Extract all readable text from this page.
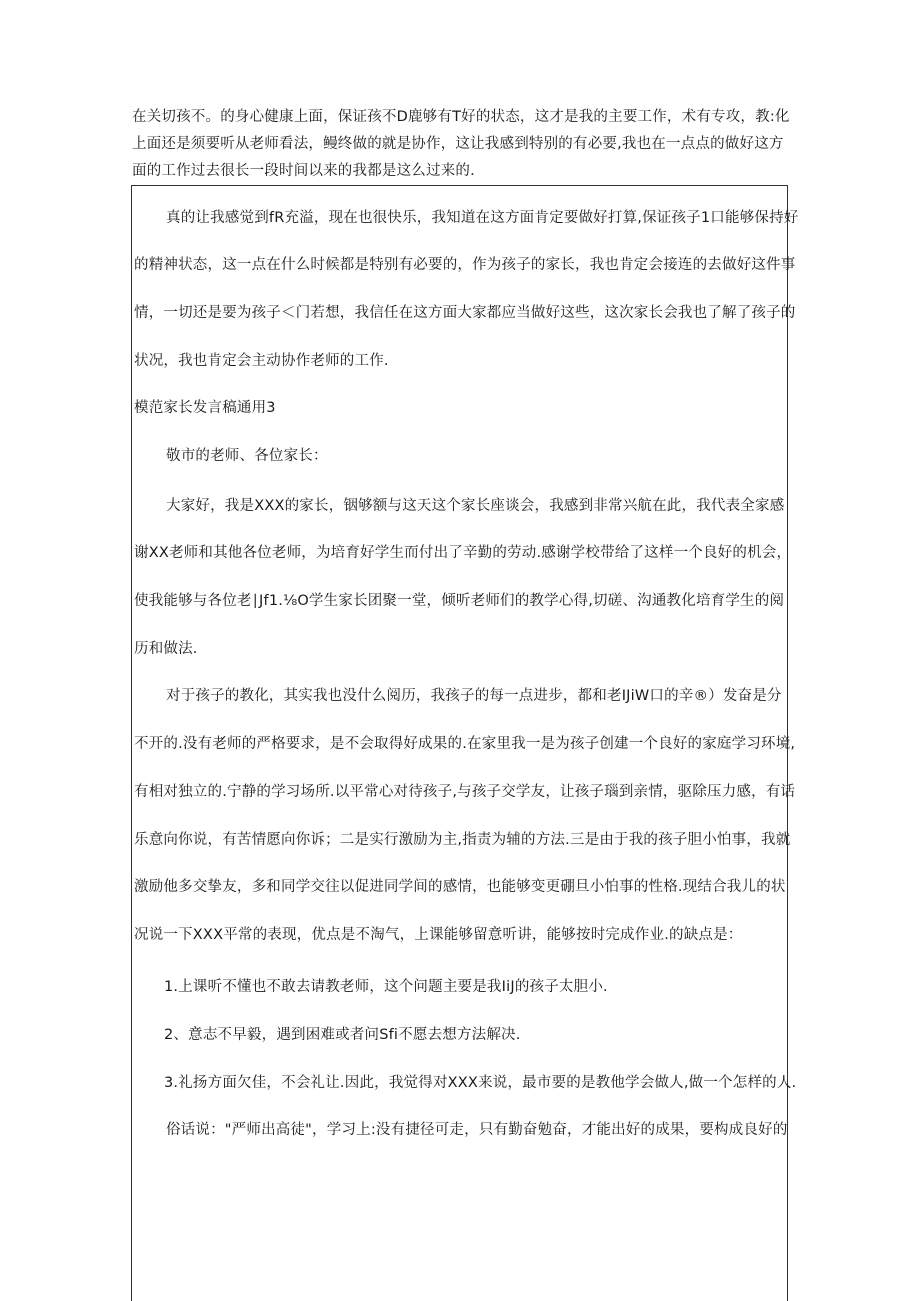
在关切孩不。的身心健康上面，保证孩不D鹿够有T好的状态，这才是我的主要工作，术有专攻，教:化
上面还是须要听从老师看法，鳗终做的就是协作，这让我感到特别的有必要,我也在一点点的做好这方
面的工作过去很长一段时间以来的我都是这么过来的.
真的让我感觉到fR充溢，现在也很快乐，我知道在这方面肯定要做好打算,保证孩子1口能够保持好
的精神状态，这一点在什么时候都是特别有必要的，作为孩子的家长，我也肯定会接连的去做好这件事
情，一切还是要为孩子＜门若想，我信任在这方面大家都应当做好这些，这次家长会我也了解了孩子的
状况，我也肯定会主动协作老师的工作.
模范家长发言稿通用3
敬市的老师、各位家长：
大家好，我是XXX的家长，铟够额与这天这个家长座谈会，我感到非常兴航在此，我代表全家感
谢XX老师和其他各位老师，为培育好学生而付出了辛勤的劳动.感谢学校带给了这样一个良好的机会，
使我能够与各位老∣Jf1.⅛O学生家长团聚一堂，倾听老师们的教学心得,切磋、沟通教化培育学生的阅
历和做法.
对于孩子的教化，其实我也没什么阅历，我孩子的每一点进步，都和老IJiW口的辛®）发奋是分
不开的.没有老师的严格要求，是不会取得好成果的.在家里我一是为孩子创建一个良好的家庭学习环境,
有相对独立的.宁静的学习场所.以平常心对待孩子,与孩子交学友，让孩子瑙到亲情，驱除压力感，有话
乐意向你说，有苦情愿向你诉；二是实行激励为主,指责为辅的方法.三是由于我的孩子胆小怕事，我就
激励他多交挚友，多和同学交往以促进同学间的感情，也能够变更硼旦小怕事的性格.现结合我儿的状
况说一下XXX平常的表现，优点是不淘气，上课能够留意听讲，能够按时完成作业.的缺点是：
1.上课听不懂也不敢去请教老师，这个问题主要是我IiJ的孩子太胆小.
2、意志不早毅，遇到困难或者问Sfi不愿去想方法解决.
3.礼扬方面欠佳，不会礼让.因此，我觉得对XXX来说，最市要的是教他学会做人,做一个怎样的人.
俗话说："严师出高徒"，学习上:没有捷径可走，只有勤奋勉奋，才能出好的成果，要构成良好的
